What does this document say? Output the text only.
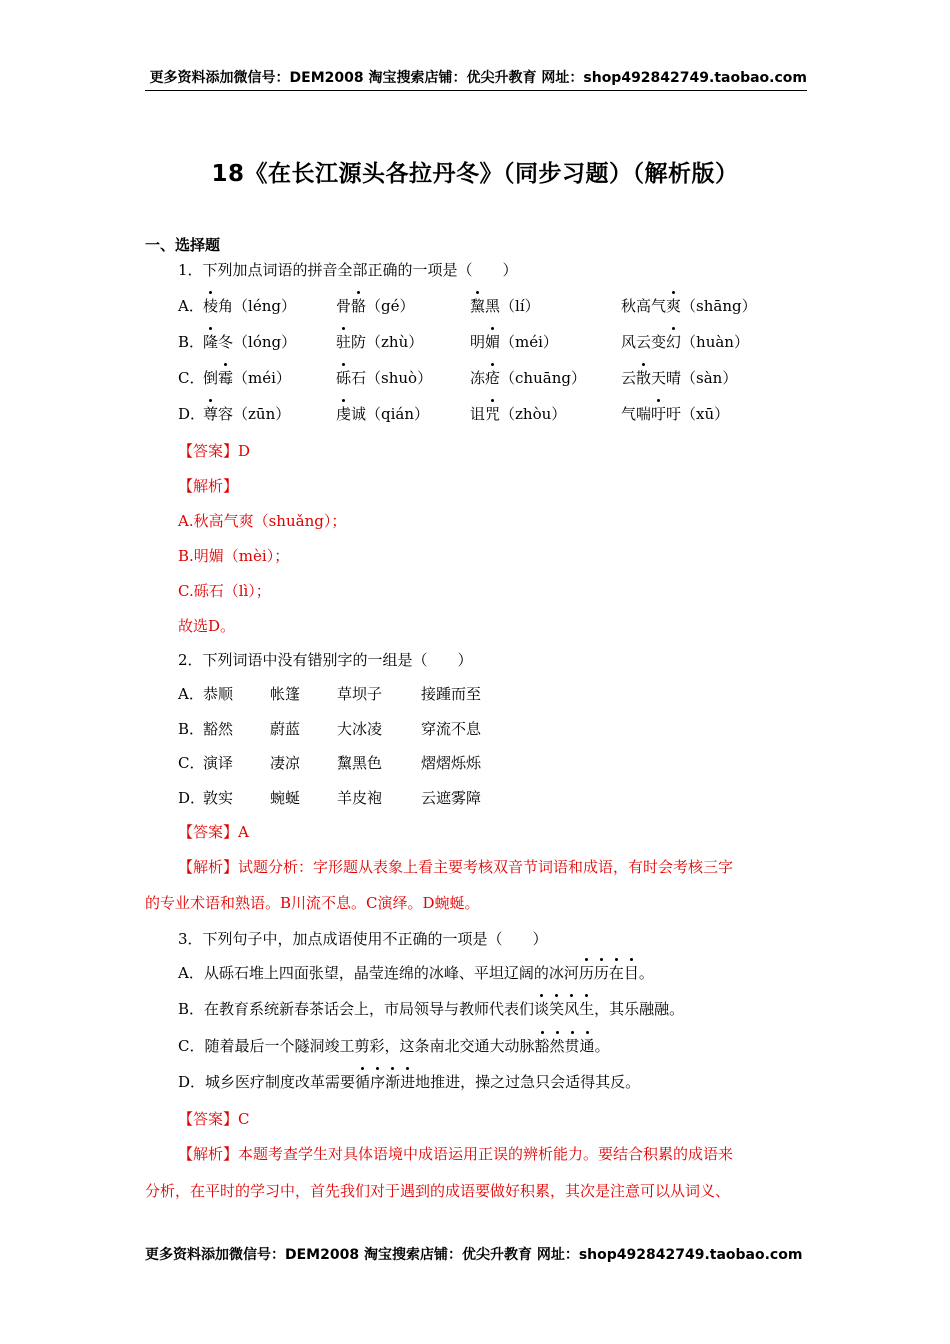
更多资料添加微信号：DEM2008 淘宝搜索店铺：优尖升教育 网址：shop492842749.taobao.com
18《在长江源头各拉丹冬》（同步习题）（解析版）
一、选择题
1．下列加点词语的拼音全部正确的一项是（　　）
A． 棱角（léng）	骨骼（gé）	黧黑（lí）	秋高气爽（shāng）
B．
隆冬（lóng）	驻防（zhù）	明媚（méi）	风云变幻（huàn）
C．
倒霉（méi）	砾石（shuò）	冻疮（chuāng） 云散天晴（sàn）
D．
尊容（zūn）	虔诚（qián）	诅咒（zhòu）	气喘吁吁（xū）
【答案】D
【解析】
A.秋高气爽（shuǎng）；
B.明媚（mèi）；
C.砾石（lì）；
故选D。
2．下列词语中没有错别字的一组是（　　）
A． 恭顺 帐篷 草坝子	接踵而至
B．
豁然 蔚蓝 大冰凌	穿流不息
C．
演译 凄凉 黧黑色	熠熠烁烁
D．
敦实 蜿蜒 羊皮袍	云遮雾障
【答案】A
【解析】试题分析：字形题从表象上看主要考核双音节词语和成语，有时会考核三字
的专业术语和熟语。B川流不息。C演绎。D蜿蜒。
3．下列句子中，加点成语使用不正确的一项是（　　）
A．从砾石堆上四面张望，晶莹连绵的冰峰、平坦辽阔的冰河历历在目。
B．在教育系统新春茶话会上，市局领导与教师代表们谈笑风生，其乐融融。
C．随着最后一个隧洞竣工剪彩，这条南北交通大动脉豁然贯通。
D．城乡医疗制度改革需要循序渐进地推进，操之过急只会适得其反。
【答案】C
【解析】本题考查学生对具体语境中成语运用正误的辨析能力。要结合积累的成语来
分析，在平时的学习中，首先我们对于遇到的成语要做好积累，其次是注意可以从词义、
更多资料添加微信号：DEM2008 淘宝搜索店铺：优尖升教育 网址：shop492842749.taobao.com
